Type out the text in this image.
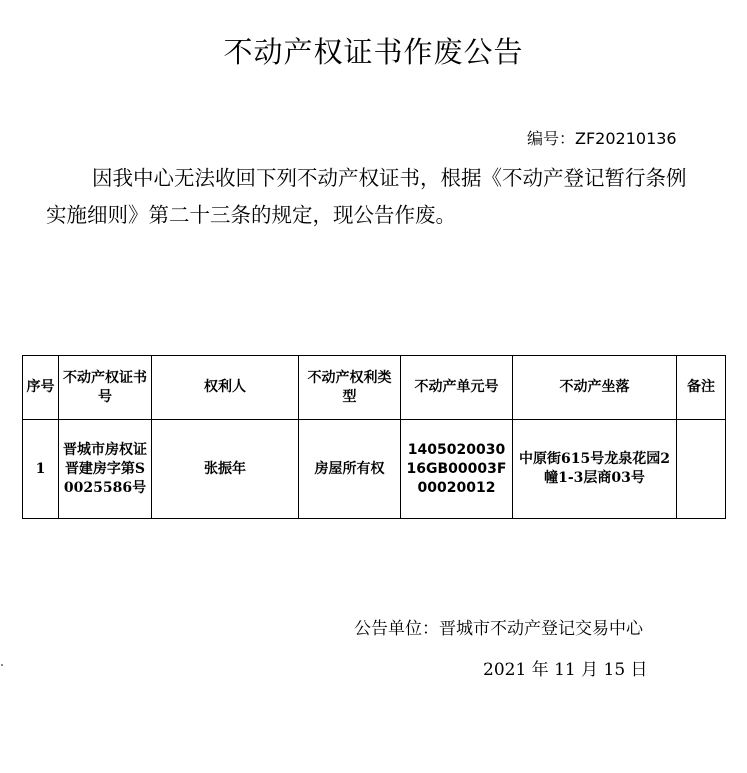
不动产权证书作废公告
编号：ZF20210136
因我中心无法收回下列不动产权证书，根据《不动产登记暂行条例实施细则》第二十三条的规定，现公告作废。
序号	不动产权证书号	权利人	不动产权利类型	不动产单元号	不动产坐落	备注
1	晋城市房权证晋建房字第S0025586号	张振年	房屋所有权	140502003016GB00003F00020012	中原街615号龙泉花园2幢1-3层商03号	
公告单位：晋城市不动产登记交易中心
2021 年 11 月 15 日
